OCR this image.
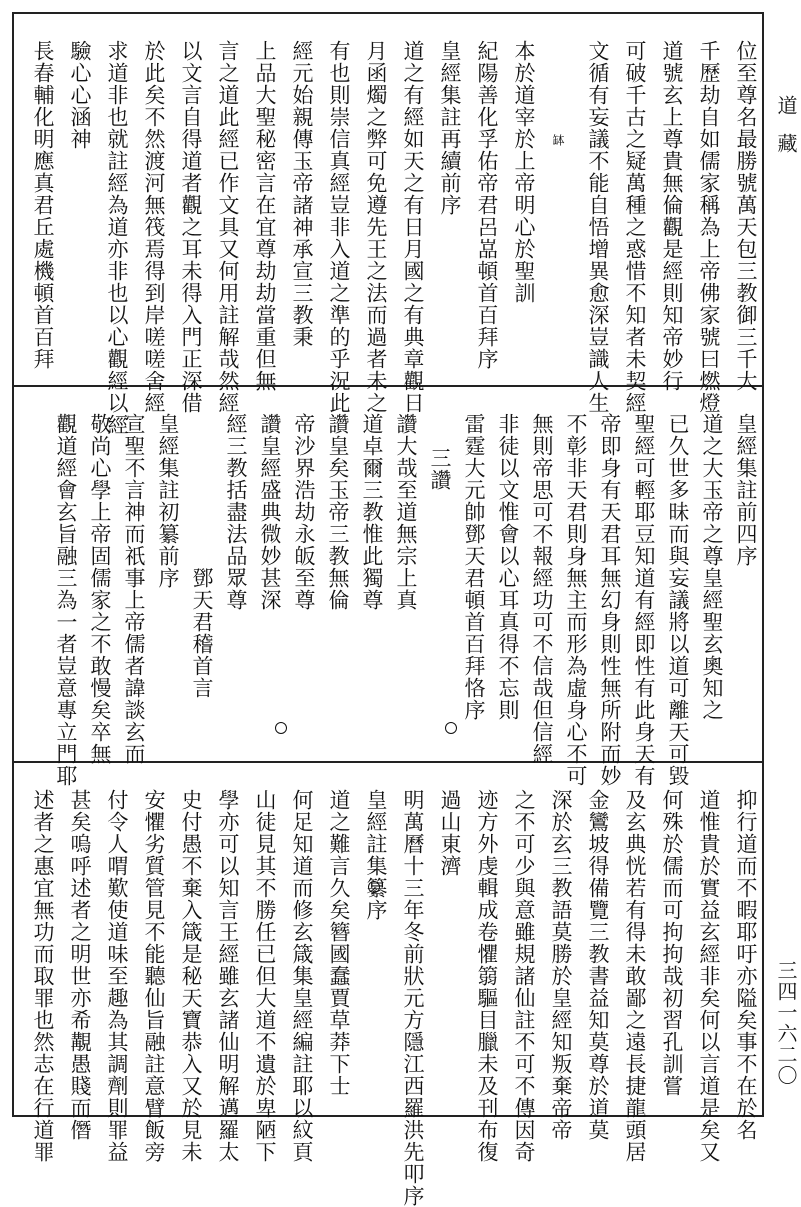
位至尊名最勝號萬天包三教御三千大
千歷劫自如儒家稱為上帝佛家號曰燃燈
道號玄上尊貴無倫觀是經則知帝妙行
可破千古之疑萬種之惑惜不知者未契經
文循有妄議不能自悟增異愈深豈識人生
缽
本於道宰於上帝明心於聖訓
紀陽善化孚佑帝君呂嵓頓首百拜序
皇經集註再續前序
道之有經如天之有日月國之有典章觀日
月函燭之弊可免遵先王之法而過者未之
有也則崇信真經豈非入道之準的乎況此
經元始親傳玉帝諸神承宣三教秉
上品大聖秘密言在宜尊劫劫當重但無
言之道此經已作文具又何用註解哉然經
以文言自得道者觀之耳未得入門正深借
於此矣不然渡河無筏焉得到岸嗟嗟舍經
求道非也就註經為道亦非也以心觀經以經
驗心心涵神
長春輔化明應真君丘處機頓首百拜
皇經集註前四序
道之大玉帝之尊皇經聖玄奧知之
已久世多昧而與妄議將以道可離天可毀
聖經可輕耶豆知道有經即性有此身天有
帝即身有天君耳無幻身則性無所附而妙
不彰非天君則身無主而形為虛身心不可
無則帝思可不報經功可不信哉但信經
非徒以文惟會以心耳真得不忘則
雷霆大元帥鄧天君頓首百拜恪序
三讚
讚大哉至道無宗上真
道卓爾三教惟此獨尊
讚皇矣玉帝三教無倫
帝沙界浩劫永皈至尊
讚皇經盛典微妙甚深
經三教括盡法品眾尊
鄧天君稽首言
皇經集註初纂前序
宣聖不言神而祇事上帝儒者諱談玄而
敬尚心學上帝固儒家之不敢慢矣卒無
觀道經會玄旨融三為一者豈意專立門耶
抑行道而不暇耶吁亦隘矣事不在於名
道惟貴於實益玄經非矣何以言道是矣又
何殊於儒而可拘拘哉初習孔訓嘗
及玄典恍若有得未敢鄙之遠長捷龍頭居
金鸞坡得備覽三教書益知莫尊於道莫
深於玄三教語莫勝於皇經知叛棄帝帝
之不可少與意雖規諸仙註不可不傳因奇
迹方外虔輯成卷懼篛驅目臘未及刊布復
過山東濟
明萬曆十三年冬前狀元方隱江西羅洪先叩序
皇經註集纂序
道之難言久矣簪國蠢賈草莽下士
何足知道而修玄箴集皇經編註耶以紋頁
山徒見其不勝任已但大道不遺於卑陋下
學亦可以知言王經雖玄諸仙明解邁羅太
史付愚不棄入箴是秘天寶恭入又於見未
安懼劣質管見不能聽仙旨融註意臂飯旁
付令人喟歎使道味至趣為其調劑則罪益
甚矣嗚呼述者之明世亦希覯愚賤而僭
述者之惠宜無功而取罪也然志在行道罪
道藏
三四一六二〇
